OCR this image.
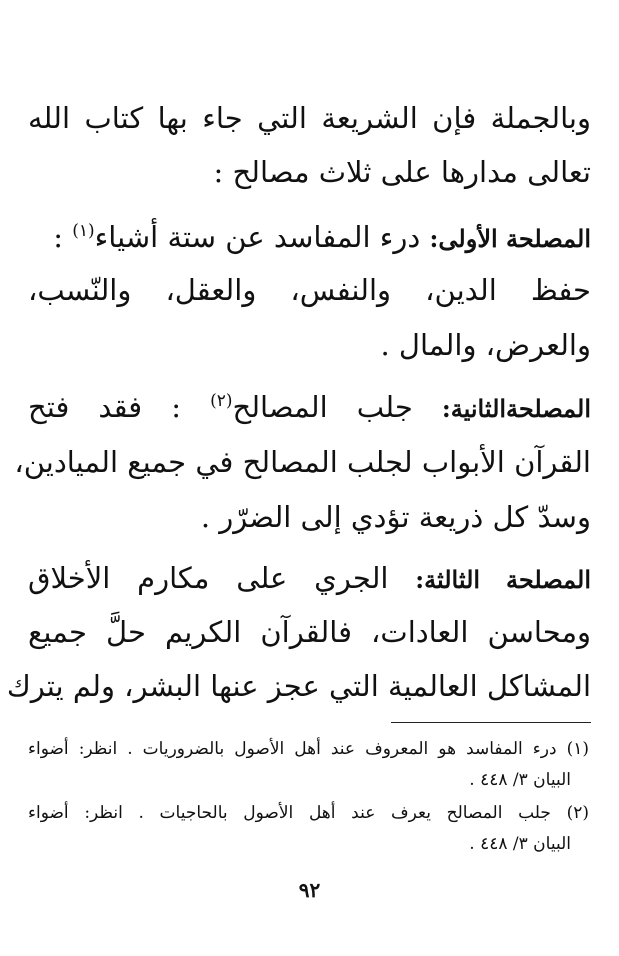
وبالجملة فإن الشريعة التي جاء بها كتاب الله
تعالى مدارها على ثلاث مصالح :
المصلحة الأولى: درء المفاسد عن ستة أشياء$^{(١)}$ :
حفظ الدين، والنفس، والعقل، والنّسب،
والعرض، والمال .
المصلحةالثانية: جلب المصالح$^{(٢)}$ : فقد فتح
القرآن الأبواب لجلب المصالح في جميع الميادين،
وسدّ كل ذريعة تؤدي إلى الضرّر .
المصلحة الثالثة: الجري على مكارم الأخلاق
ومحاسن العادات، فالقرآن الكريم حلَّ جميع
المشاكل العالمية التي عجز عنها البشر، ولم يترك
(١) درء المفاسد هو المعروف عند أهل الأصول بالضروريات . انظر: أضواء
البيان ٣/ ٤٤٨ .
(٢) جلب المصالح يعرف عند أهل الأصول بالحاجيات . انظر: أضواء
البيان ٣/ ٤٤٨ .
٩٢
